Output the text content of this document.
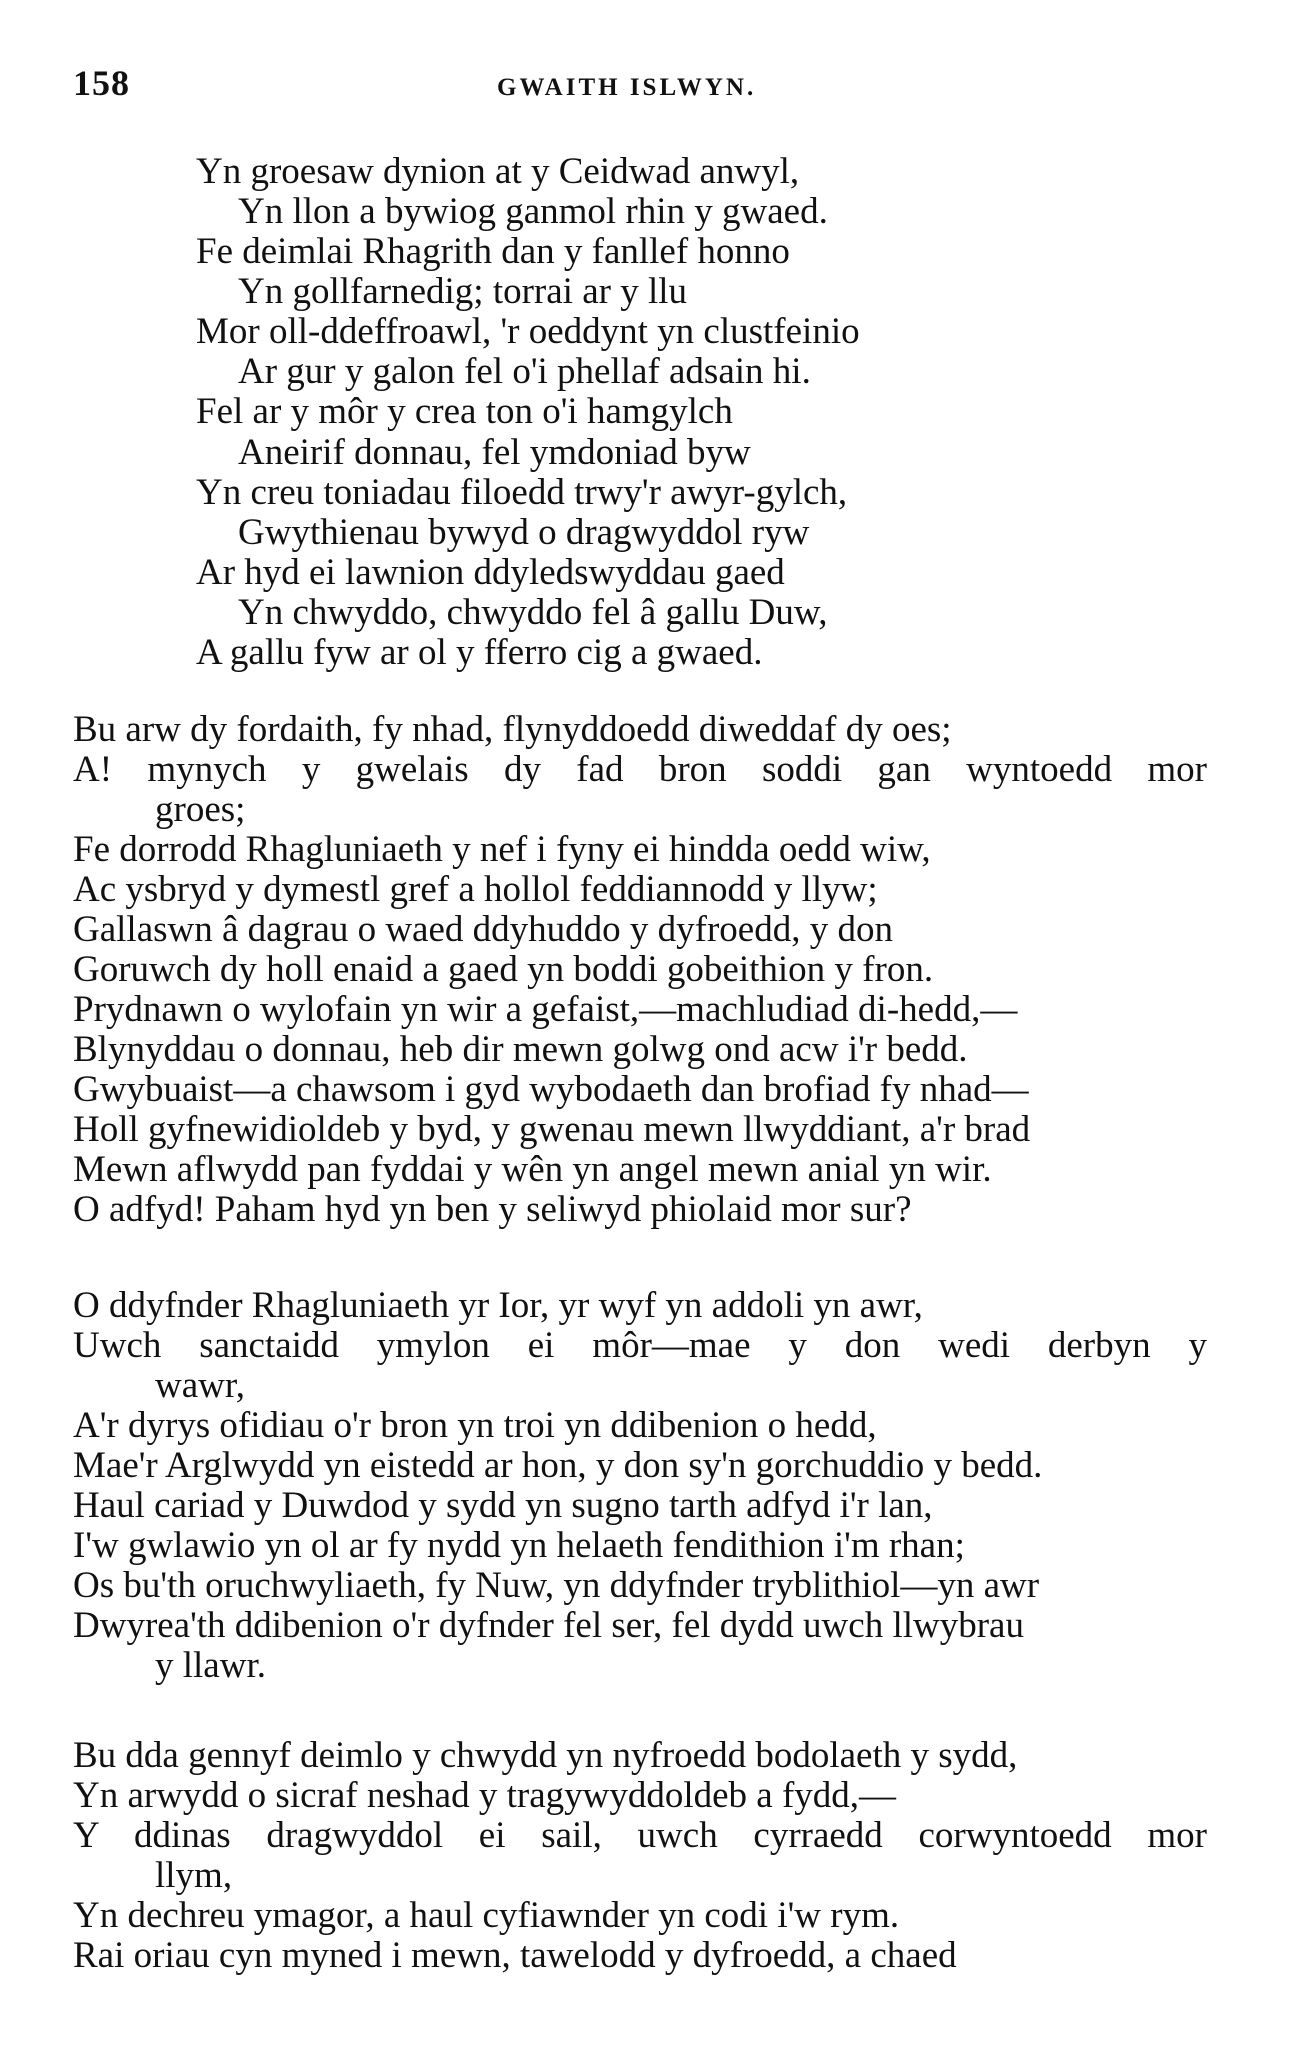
158	GWAITH ISLWYN.
Yn groesaw dynion at y Ceidwad anwyl,
Yn llon a bywiog ganmol rhin y gwaed.
Fe deimlai Rhagrith dan y fanllef honno
Yn gollfarnedig; torrai ar y llu
Mor oll-ddeffroawl, 'r oeddynt yn clustfeinio
Ar gur y galon fel o'i phellaf adsain hi.
Fel ar y môr y crea ton o'i hamgylch
Aneirif donnau, fel ymdoniad byw
Yn creu toniadau filoedd trwy'r awyr-gylch,
Gwythienau bywyd o dragwyddol ryw
Ar hyd ei lawnion ddyledswyddau gaed
Yn chwyddo, chwyddo fel â gallu Duw,
A gallu fyw ar ol y fferro cig a gwaed.
Bu arw dy fordaith, fy nhad, flynyddoedd diweddaf dy oes;
A! mynych y gwelais dy fad bron soddi gan wyntoedd mor
groes;
Fe dorrodd Rhagluniaeth y nef i fyny ei hindda oedd wiw,
Ac ysbryd y dymestl gref a hollol feddiannodd y llyw;
Gallaswn â dagrau o waed ddyhuddo y dyfroedd, y don
Goruwch dy holl enaid a gaed yn boddi gobeithion y fron.
Prydnawn o wylofain yn wir a gefaist,—machludiad di-hedd,—
Blynyddau o donnau, heb dir mewn golwg ond acw i'r bedd.
Gwybuaist—a chawsom i gyd wybodaeth dan brofiad fy nhad—
Holl gyfnewidioldeb y byd, y gwenau mewn llwyddiant, a'r brad
Mewn aflwydd pan fyddai y wên yn angel mewn anial yn wir.
O adfyd! Paham hyd yn ben y seliwyd phiolaid mor sur?
O ddyfnder Rhagluniaeth yr Ior, yr wyf yn addoli yn awr,
Uwch sanctaidd ymylon ei môr—mae y don wedi derbyn y
wawr,
A'r dyrys ofidiau o'r bron yn troi yn ddibenion o hedd,
Mae'r Arglwydd yn eistedd ar hon, y don sy'n gorchuddio y bedd.
Haul cariad y Duwdod y sydd yn sugno tarth adfyd i'r lan,
I'w gwlawio yn ol ar fy nydd yn helaeth fendithion i'm rhan;
Os bu'th oruchwyliaeth, fy Nuw, yn ddyfnder tryblithiol—yn awr
Dwyrea'th ddibenion o'r dyfnder fel ser, fel dydd uwch llwybrau
y llawr.
Bu dda gennyf deimlo y chwydd yn nyfroedd bodolaeth y sydd,
Yn arwydd o sicraf neshad y tragywyddoldeb a fydd,—
Y ddinas dragwyddol ei sail, uwch cyrraedd corwyntoedd mor
llym,
Yn dechreu ymagor, a haul cyfiawnder yn codi i'w rym.
Rai oriau cyn myned i mewn, tawelodd y dyfroedd, a chaed
